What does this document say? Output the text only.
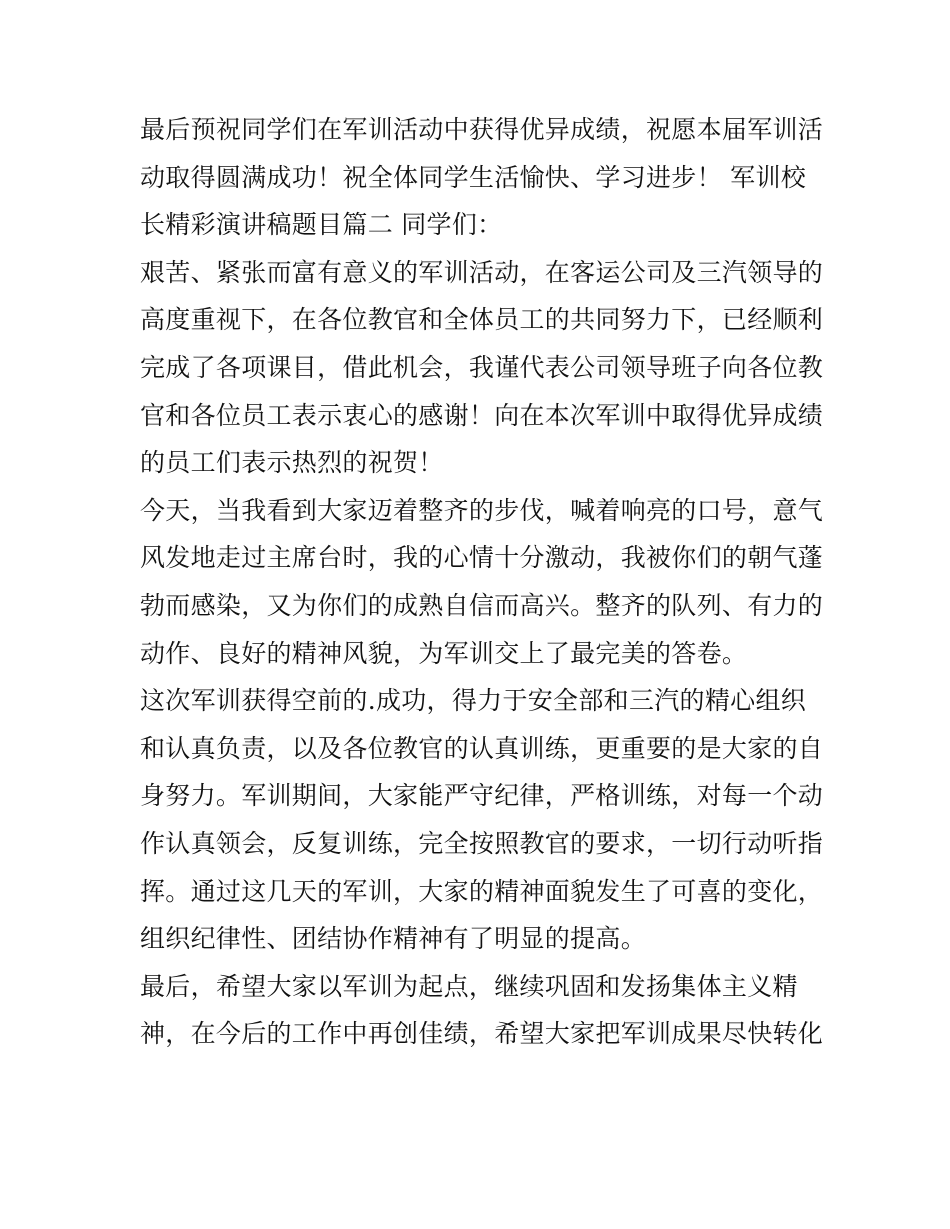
最后预祝同学们在军训活动中获得优异成绩，祝愿本届军训活
动取得圆满成功！祝全体同学生活愉快、学习进步！ 军训校
长精彩演讲稿题目篇二 同学们：
艰苦、紧张而富有意义的军训活动，在客运公司及三汽领导的
高度重视下，在各位教官和全体员工的共同努力下，已经顺利
完成了各项课目，借此机会，我谨代表公司领导班子向各位教
官和各位员工表示衷心的感谢！向在本次军训中取得优异成绩
的员工们表示热烈的祝贺！
今天，当我看到大家迈着整齐的步伐，喊着响亮的口号，意气
风发地走过主席台时，我的心情十分激动，我被你们的朝气蓬
勃而感染，又为你们的成熟自信而高兴。整齐的队列、有力的
动作、良好的精神风貌，为军训交上了最完美的答卷。
这次军训获得空前的.成功，得力于安全部和三汽的精心组织
和认真负责，以及各位教官的认真训练，更重要的是大家的自
身努力。军训期间，大家能严守纪律，严格训练，对每一个动
作认真领会，反复训练，完全按照教官的要求，一切行动听指
挥。通过这几天的军训，大家的精神面貌发生了可喜的变化，
组织纪律性、团结协作精神有了明显的提高。
最后，希望大家以军训为起点，继续巩固和发扬集体主义精
神，在今后的工作中再创佳绩，希望大家把军训成果尽快转化
